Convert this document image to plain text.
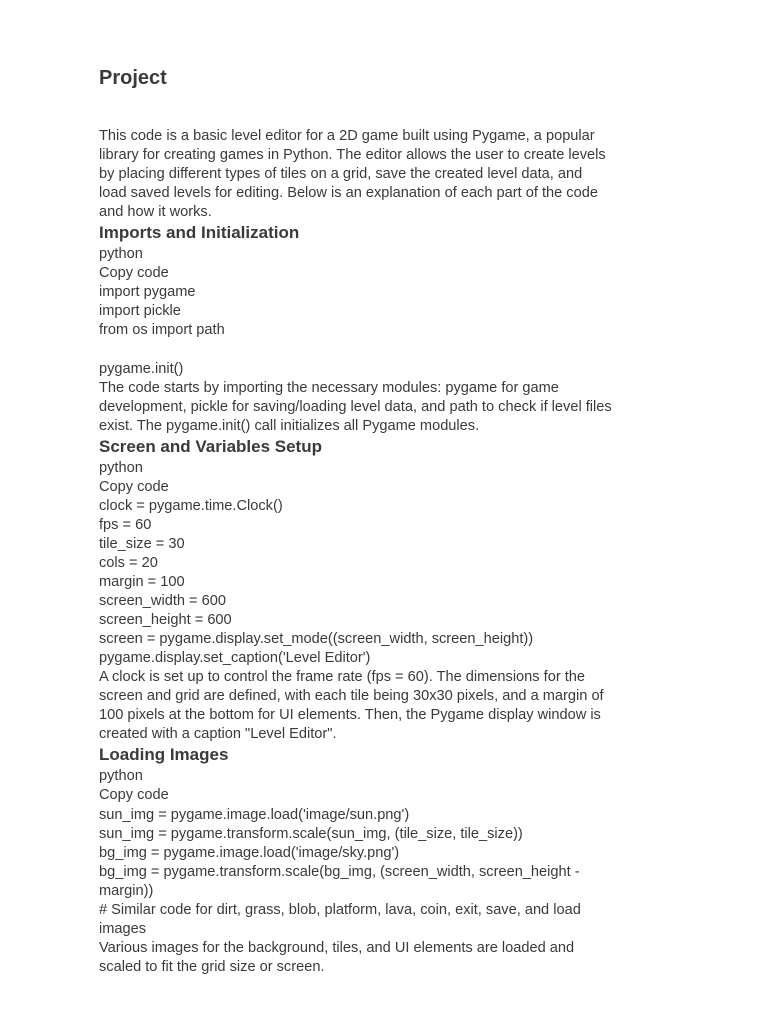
Project

This code is a basic level editor for a 2D game built using Pygame, a popular
library for creating games in Python. The editor allows the user to create levels
by placing different types of tiles on a grid, save the created level data, and
load saved levels for editing. Below is an explanation of each part of the code
and how it works.

Imports and Initialization
python
Copy code
import pygame
import pickle
from os import path
pygame.init()

The code starts by importing the necessary modules: pygame for game
development, pickle for saving/loading level data, and path to check if level files
exist. The pygame.init() call initializes all Pygame modules.

Screen and Variables Setup
python
Copy code
clock = pygame.time.Clock()
fps = 60
tile_size = 30
cols = 20
margin = 100
screen_width = 600
screen_height = 600
screen = pygame.display.set_mode((screen_width, screen_height))
pygame.display.set_caption('Level Editor')

A clock is set up to control the frame rate (fps = 60). The dimensions for the
screen and grid are defined, with each tile being 30x30 pixels, and a margin of
100 pixels at the bottom for UI elements. Then, the Pygame display window is
created with a caption "Level Editor".

Loading Images
python
Copy code
sun_img = pygame.image.load('image/sun.png')
sun_img = pygame.transform.scale(sun_img, (tile_size, tile_size))
bg_img = pygame.image.load('image/sky.png')
bg_img = pygame.transform.scale(bg_img, (screen_width, screen_height -
margin))
# Similar code for dirt, grass, blob, platform, lava, coin, exit, save, and load
images

Various images for the background, tiles, and UI elements are loaded and
scaled to fit the grid size or screen.
